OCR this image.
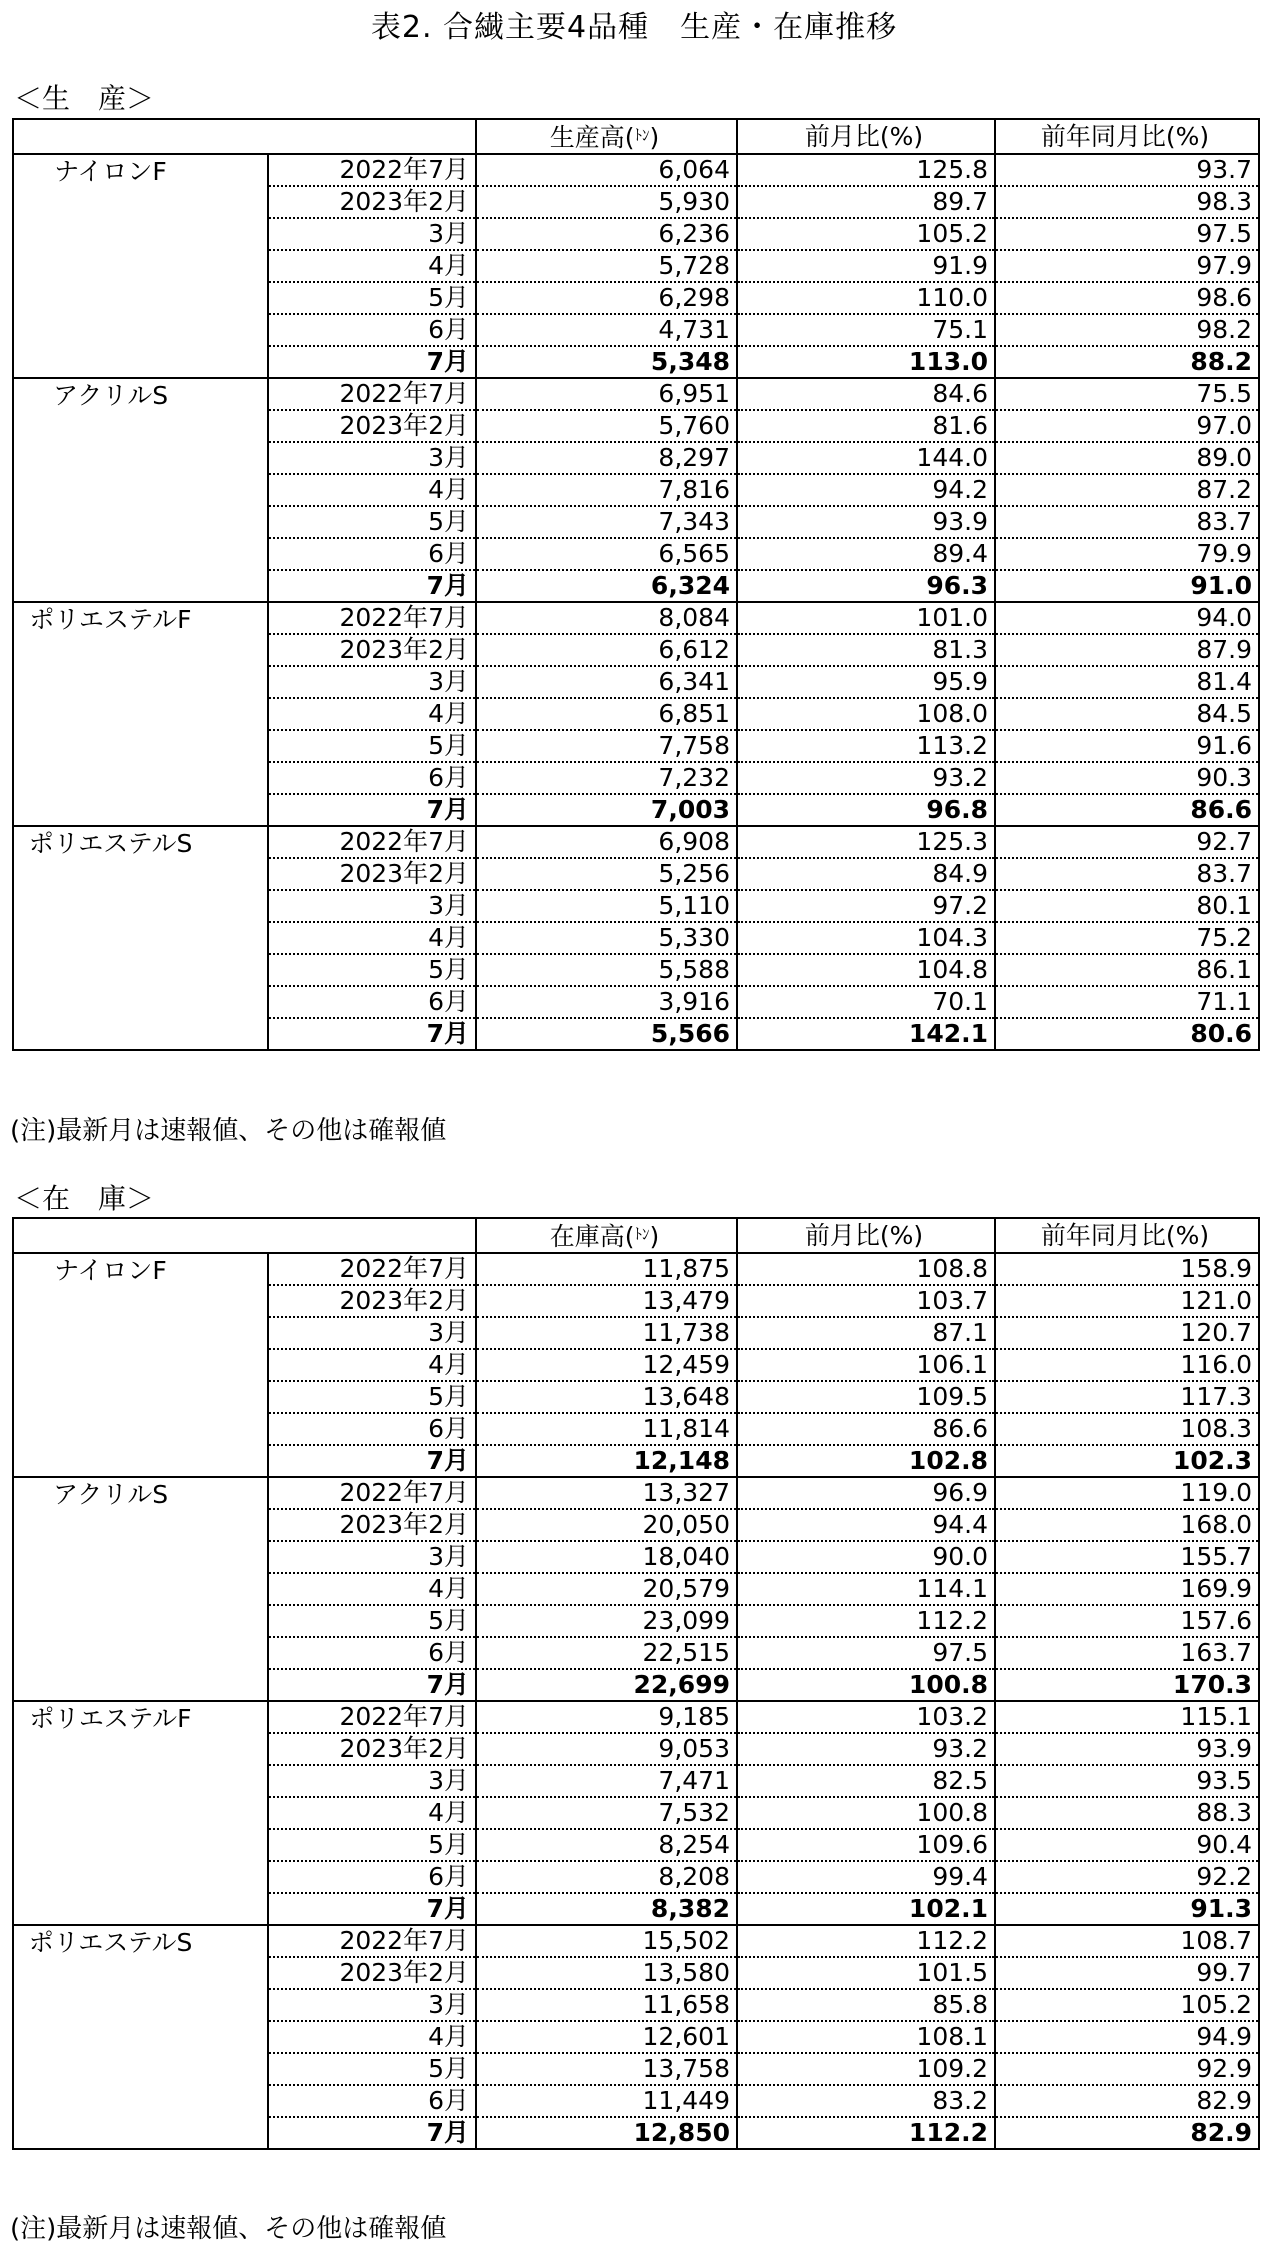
表2. 合繊主要4品種　生産・在庫推移
＜生　産＞
		生産高($^{ﾄﾝ}$)	前月比(%)	前年同月比(%)
ナイロンF	2022年7月	6,064	125.8	93.7
	2023年2月	5,930	89.7	98.3
	3月	6,236	105.2	97.5
	4月	5,728	91.9	97.9
	5月	6,298	110.0	98.6
	6月	4,731	75.1	98.2
	7月	5,348	113.0	88.2
アクリルS	2022年7月	6,951	84.6	75.5
	2023年2月	5,760	81.6	97.0
	3月	8,297	144.0	89.0
	4月	7,816	94.2	87.2
	5月	7,343	93.9	83.7
	6月	6,565	89.4	79.9
	7月	6,324	96.3	91.0
ポリエステルF	2022年7月	8,084	101.0	94.0
	2023年2月	6,612	81.3	87.9
	3月	6,341	95.9	81.4
	4月	6,851	108.0	84.5
	5月	7,758	113.2	91.6
	6月	7,232	93.2	90.3
	7月	7,003	96.8	86.6
ポリエステルS	2022年7月	6,908	125.3	92.7
	2023年2月	5,256	84.9	83.7
	3月	5,110	97.2	80.1
	4月	5,330	104.3	75.2
	5月	5,588	104.8	86.1
	6月	3,916	70.1	71.1
	7月	5,566	142.1	80.6
(注)最新月は速報値、その他は確報値
＜在　庫＞
		在庫高($^{ﾄﾝ}$)	前月比(%)	前年同月比(%)
ナイロンF	2022年7月	11,875	108.8	158.9
	2023年2月	13,479	103.7	121.0
	3月	11,738	87.1	120.7
	4月	12,459	106.1	116.0
	5月	13,648	109.5	117.3
	6月	11,814	86.6	108.3
	7月	12,148	102.8	102.3
アクリルS	2022年7月	13,327	96.9	119.0
	2023年2月	20,050	94.4	168.0
	3月	18,040	90.0	155.7
	4月	20,579	114.1	169.9
	5月	23,099	112.2	157.6
	6月	22,515	97.5	163.7
	7月	22,699	100.8	170.3
ポリエステルF	2022年7月	9,185	103.2	115.1
	2023年2月	9,053	93.2	93.9
	3月	7,471	82.5	93.5
	4月	7,532	100.8	88.3
	5月	8,254	109.6	90.4
	6月	8,208	99.4	92.2
	7月	8,382	102.1	91.3
ポリエステルS	2022年7月	15,502	112.2	108.7
	2023年2月	13,580	101.5	99.7
	3月	11,658	85.8	105.2
	4月	12,601	108.1	94.9
	5月	13,758	109.2	92.9
	6月	11,449	83.2	82.9
	7月	12,850	112.2	82.9
(注)最新月は速報値、その他は確報値
